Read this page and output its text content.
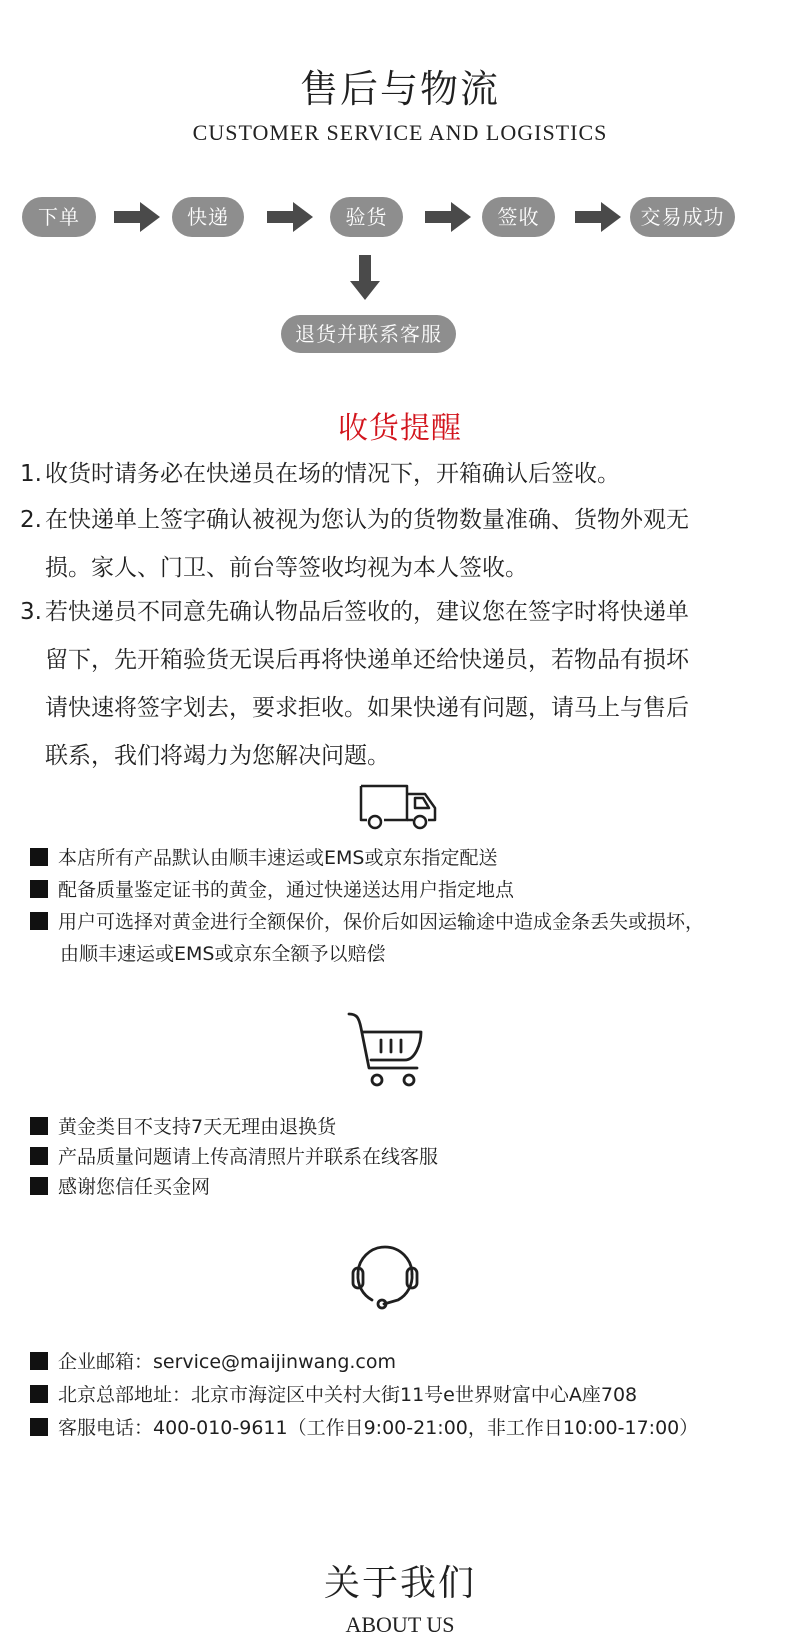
售后与物流
CUSTOMER SERVICE AND LOGISTICS
下单	快递	验货	签收	交易成功
退货并联系客服
收货提醒
1. 收货时请务必在快递员在场的情况下，开箱确认后签收。
2. 在快递单上签字确认被视为您认为的货物数量准确、货物外观无
损。家人、门卫、前台等签收均视为本人签收。
3. 若快递员不同意先确认物品后签收的，建议您在签字时将快递单
留下，先开箱验货无误后再将快递单还给快递员，若物品有损坏
请快速将签字划去，要求拒收。如果快递有问题，请马上与售后
联系，我们将竭力为您解决问题。
本店所有产品默认由顺丰速运或EMS或京东指定配送
配备质量鉴定证书的黄金，通过快递送达用户指定地点
用户可选择对黄金进行全额保价，保价后如因运输途中造成金条丢失或损坏，
由顺丰速运或EMS或京东全额予以赔偿
黄金类目不支持7天无理由退换货
产品质量问题请上传高清照片并联系在线客服
感谢您信任买金网
企业邮箱：service@maijinwang.com
北京总部地址：北京市海淀区中关村大街11号e世界财富中心A座708
客服电话：400-010-9611（工作日9:00-21:00，非工作日10:00-17:00）
关于我们
ABOUT US
